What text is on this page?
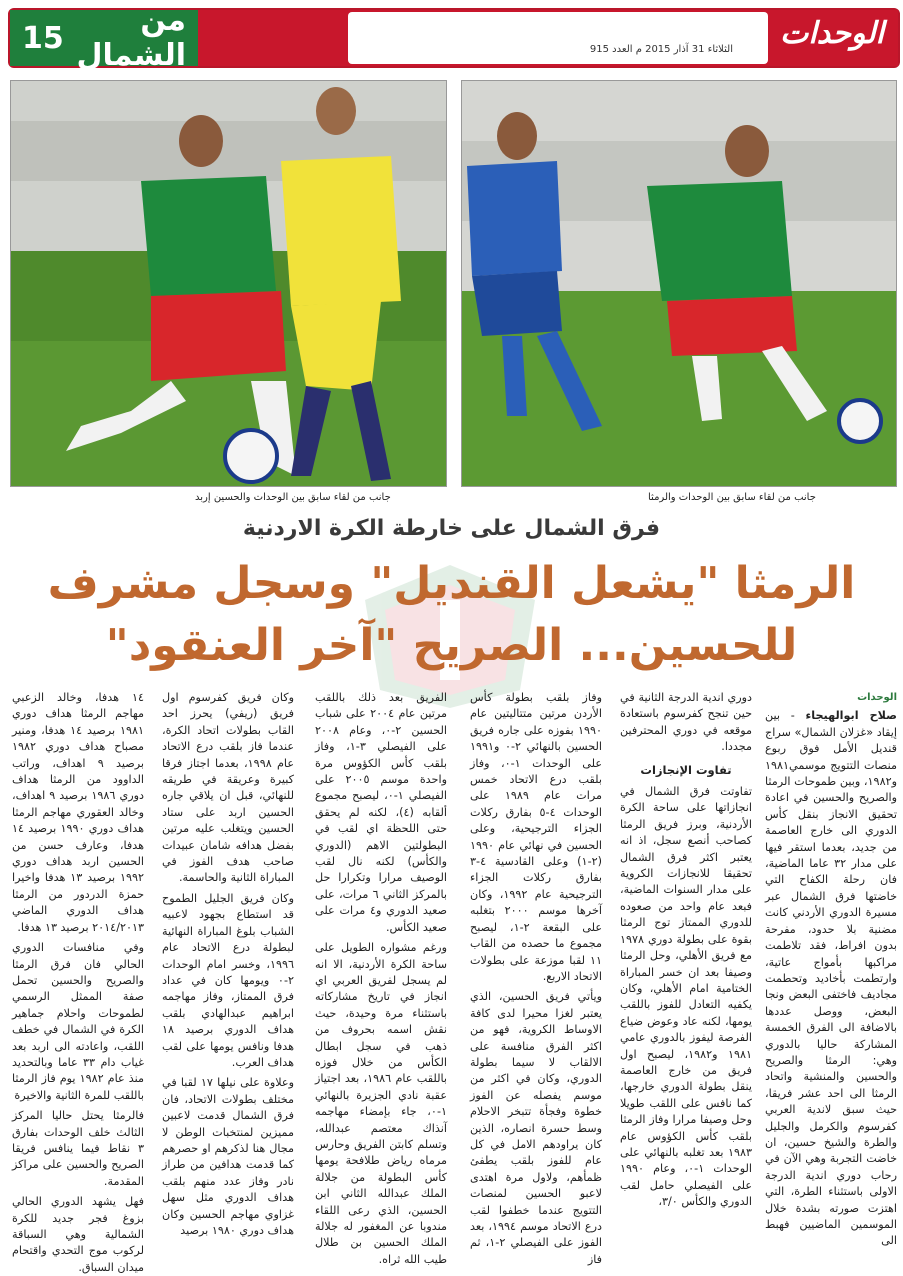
من الشمال
15	الثلاثاء 31 آذار 2015 م العدد 915 الوحدات
جانب من لقاء سابق بين الوحدات والحسين إربد	جانب من لقاء سابق بين الوحدات والرمثا
فرق الشمال على خارطة الكرة الاردنية
الرمثا "يشعل القنديل" وسجل مشرف
للحسين... الصريح "آخر العنقود"
الوحدات

صلاح ابوالهيجاء - بين إيقاد «غزلان الشمال» سراج قنديل الأمل فوق ربوع منصات التتويج موسمي١٩٨١ و١٩٨٢، وبين طموحات الرمثا والصريح والحسين في اعادة تحقيق الانجاز بنقل كأس الدوري الى خارج العاصمة من جديد، بعدما استقر فيها على مدار ٣٢ عاما الماضية، فان رحلة الكفاح التي خاضتها فرق الشمال عبر مسيرة الدوري الأردني كانت مضنية بلا حدود، مفرحة بدون افراط، فقد تلاطمت مراكبها بأمواج عاتية، وارتطمت بأخاديد وتحطمت مجاديف فاختفى البعض ونجا البعض، ووصل عددها بالاضافة الى الفرق الخمسة المشاركة حاليا بالدوري وهي: الرمثا والصريح والحسين والمنشية واتحاد الرمثا الى احد عشر فريقا، حيث سبق لاندية العربي كفرسوم والكرمل والجليل والطرة والشيخ حسين، ان خاضت التجربة وهي الآن في رحاب دوري اندية الدرجة الاولى باستثناء الطرة، التي اهتزت صورته بشدة خلال الموسمين الماضيين فهبط الى

دوري اندية الدرجة الثانية في حين تنجح كفرسوم باستعادة موقعه في دوري المحترفين مجددا.

تفاوت الإنجازات

تفاوتت فرق الشمال في انجازاتها على ساحة الكرة الأردنية، وبرز فريق الرمثا كصاحب أنصع سجل، اذ انه يعتبر اكثر فرق الشمال تحقيقا للانجازات الكروية على مدار السنوات الماضية، فبعد عام واحد من صعوده للدوري الممتاز توج الرمثا بقوة على بطولة دوري ١٩٧٨ مع فريق الأهلي، وحل الرمثا وصيفا بعد ان خسر المباراة الختامية امام الأهلي، وكان يكفيه التعادل للفوز باللقب يومها، لكنه عاد وعوض ضياع الفرصة ليفوز بالدوري عامي ١٩٨١ و١٩٨٢، ليصبح اول فريق من خارج العاصمة ينقل بطولة الدوري خارجها، كما نافس على اللقب طويلا وحل وصيفا مرارا وفاز الرمثا بلقب كأس الكؤوس عام ١٩٨٣ بعد تغلبه بالنهائي على الوحدات ١-٠، وعام ١٩٩٠ على الفيصلي حامل لقب الدوري والكأس ٣/٠،

وفاز بلقب بطولة كأس الأردن مرتين متتاليتين عام ١٩٩٠ بفوزه على جاره فريق الحسين بالنهائي ٢-٠ و١٩٩١ على الوحدات ١-٠، وفاز بلقب درع الاتحاد خمس مرات عام ١٩٨٩ على الوحدات ٤-٥ بفارق ركلات الجزاء الترجيحية، وعلى الحسين في نهائي عام ١٩٩٠ (٢-١) وعلى القادسية ٤-٣ بفارق ركلات الجزاء الترجيحية عام ١٩٩٢، وكان آخرها موسم ٢٠٠٠ بتغلبه على البقعة ٢-١، ليصبح مجموع ما حصده من القاب ١١ لقبا موزعة على بطولات الاتحاد الاربع.

ويأتي فريق الحسين، الذي يعتبر لغزا محيرا لدى كافة الاوساط الكروية، فهو من اكثر الفرق منافسة على الالقاب لا سيما بطولة الدوري، وكان في اكثر من موسم يفصله عن الفوز خطوة وفجأة تتبخر الاحلام وسط حسرة انصاره، الذين كان يراودهم الامل في كل عام للفوز بلقب يطفئ ظمأهم، ولاول مرة اهتدى لاعبو الحسين لمنصات التتويج عندما خطفوا لقب درع الاتحاد موسم ١٩٩٤، بعد الفوز على الفيصلي ٢-١، ثم فاز

الفريق بعد ذلك باللقب مرتين عام ٢٠٠٤ على شباب الحسين ٢-٠، وعام ٢٠٠٨ على الفيصلي ٣-١، وفاز بلقب كأس الكؤوس مرة واحدة موسم ٢٠٠٥ على الفيصلي ١-٠، ليصبح مجموع ألقابه (٤)، لكنه لم يحقق حتى اللحظة اي لقب في البطولتين الاهم (الدوري والكأس) لكنه نال لقب الوصيف مرارا وتكرارا حل بالمركز الثاني ٦ مرات، على صعيد الدوري و٤ مرات على صعيد الكأس.

ورغم مشواره الطويل على ساحة الكرة الأردنية، الا انه لم يسجل لفريق العربي اي انجاز في تاريخ مشاركاته باستثناء مرة وحيدة، حيث نقش اسمه بحروف من ذهب في سجل ابطال الكأس من خلال فوزه باللقب عام ١٩٨٦، بعد اجتياز عقبة نادي الجزيرة بالنهائي ١-٠، جاء بإمضاء مهاجمه آنذاك معتصم عبدالله، وتسلم كابتن الفريق وحارس مرماه رياض طلافحة يومها كأس البطولة من جلالة الملك عبدالله الثاني ابن الحسين، الذي رعى اللقاء مندوبا عن المغفور له جلالة الملك الحسين بن طلال طيب الله ثراه.

وكان فريق كفرسوم اول فريق (ريفي) يحرز احد القاب بطولات اتحاد الكرة، عندما فاز بلقب درع الاتحاد عام ١٩٩٨، بعدما اجتاز فرقا كبيرة وعريقة في طريقه للنهائي، قبل ان يلاقي جاره الحسين اربد على ستاد الحسين ويتغلب عليه مرتين بفضل هدافه شامان عبيدات صاحب هدف الفوز في المباراة الثانية والحاسمة.

وكان فريق الجليل الطموح قد استطاع بجهود لاعبيه الشباب بلوغ المباراة النهائية لبطولة درع الاتحاد عام ١٩٩٦، وخسر امام الوحدات ٢-٠ ويومها كان في عداد فرق الممتاز، وفاز مهاجمه ابراهيم عبدالهادي بلقب هداف الدوري برصيد ١٨ هدفا ونافس يومها على لقب هداف العرب.

وعلاوة على نيلها ١٧ لقبا في مختلف بطولات الاتحاد، فان فرق الشمال قدمت لاعبين مميزين لمنتخبات الوطن لا مجال هنا لذكرهم او حصرهم كما قدمت هدافين من طراز نادر وفاز عدد منهم بلقب هداف الدوري مثل سهل غزاوي مهاجم الحسين وكان هداف دوري ١٩٨٠ برصيد

١٤ هدفا، وخالد الزعبي مهاجم الرمثا هداف دوري ١٩٨١ برصيد ١٤ هدفا، ومنير مصباح هداف دوري ١٩٨٢ برصيد ٩ اهداف، وراتب الداوود من الرمثا هداف دوري ١٩٨٦ برصيد ٩ اهداف، وخالد العقوري مهاجم الرمثا هداف دوري ١٩٩٠ برصيد ١٤ هدفا، وعارف حسن من الحسين اربد هداف دوري ١٩٩٢ برصيد ١٣ هدفا واخيرا حمزة الدردور من الرمثا هداف الدوري الماضي ٢٠١٤/٢٠١٣ برصيد ١٣ هدفا.

وفي منافسات الدوري الحالي فان فرق الرمثا والصريح والحسين تحمل صفة الممثل الرسمي لطموحات واحلام جماهير الكرة في الشمال في خطف اللقب، واعادته الى اربد بعد غياب دام ٣٣ عاما وبالتحديد منذ عام ١٩٨٢ يوم فاز الرمثا باللقب للمرة الثانية والاخيرة

فالرمثا يحتل حاليا المركز الثالث خلف الوحدات بفارق ٣ نقاط فيما ينافس فريقا الصريح والحسين على مراكز المقدمة.

فهل يشهد الدوري الحالي بزوغ فجر جديد للكرة الشمالية وهي السباقة لركوب موج التحدي واقتحام ميدان السباق.
